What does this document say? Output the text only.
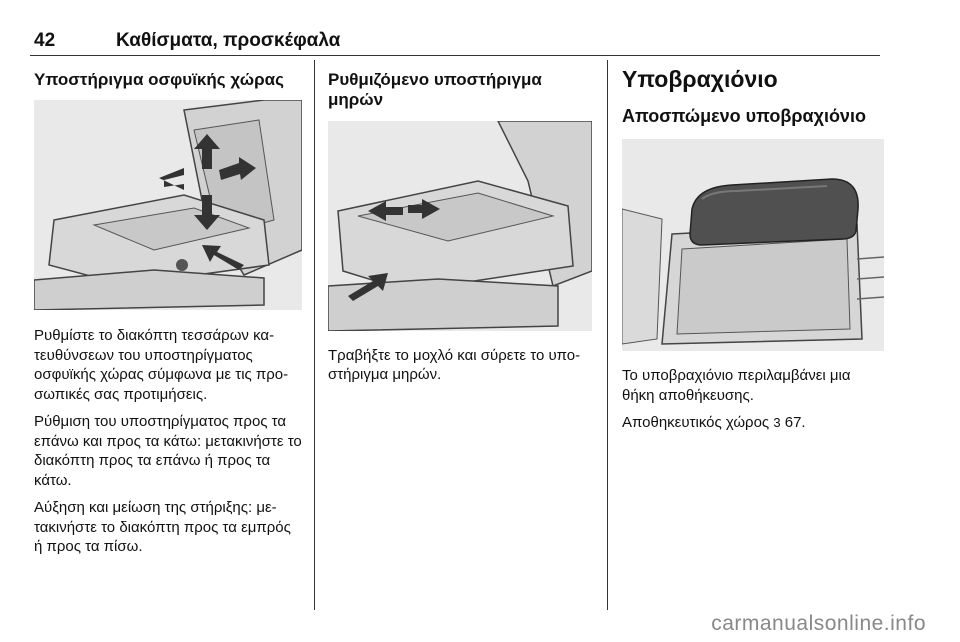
42	Καθίσματα, προσκέφαλα
Υποστήριγμα οσφυϊκής χώρας

Ρυθμίστε το διακόπτη τεσσάρων κα-τευθύνσεων του υποστηρίγματος οσφυϊκής χώρας σύμφωνα με τις προ-σωπικές σας προτιμήσεις.

Ρύθμιση του υποστηρίγματος προς τα επάνω και προς τα κάτω: μετακινήστε το διακόπτη προς τα επάνω ή προς τα κάτω.

Αύξηση και μείωση της στήριξης: με-τακινήστε το διακόπτη προς τα εμπρός ή προς τα πίσω.

Ρυθμιζόμενο υποστήριγμα μηρών

Τραβήξτε το μοχλό και σύρετε το υπο-στήριγμα μηρών.

Υποβραχιόνιο
Αποσπώμενο υποβραχιόνιο

Το υποβραχιόνιο περιλαμβάνει μια θήκη αποθήκευσης.

Αποθηκευτικός χώρος 3 67.

carmanualsonline.info
